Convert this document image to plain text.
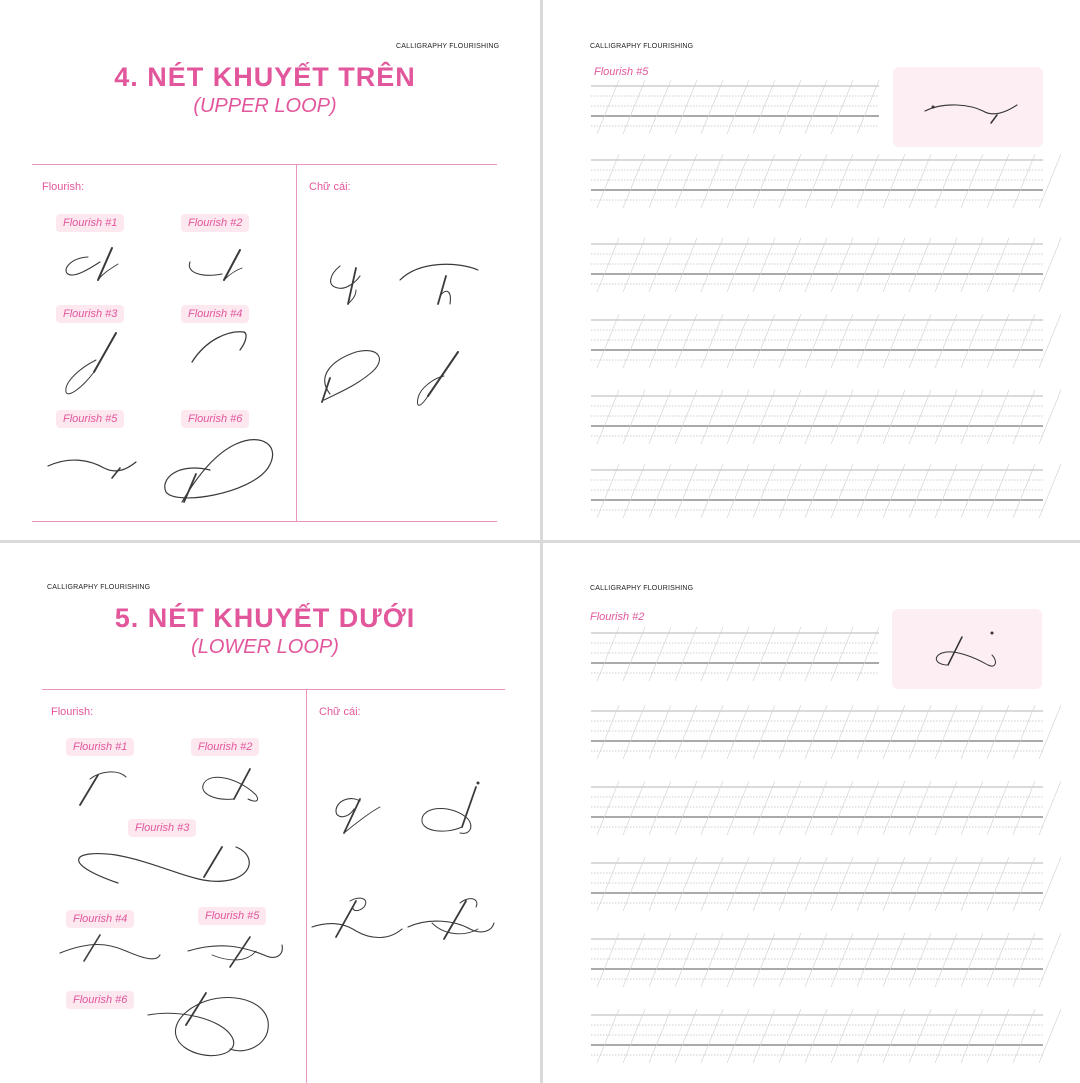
CALLIGRAPHY FLOURISHING
4. NÉT KHUYẾT TRÊN
(UPPER LOOP)
Flourish:	Chữ cái:
Flourish #1	Flourish #2
Flourish #3	Flourish #4
Flourish #5	Flourish #6
CALLIGRAPHY FLOURISHING
Flourish #5
CALLIGRAPHY FLOURISHING
5. NÉT KHUYẾT DƯỚI
(LOWER LOOP)
Flourish:	Chữ cái:
Flourish #1	Flourish #2
Flourish #3
Flourish #4	Flourish #5
Flourish #6
CALLIGRAPHY FLOURISHING
Flourish #2
